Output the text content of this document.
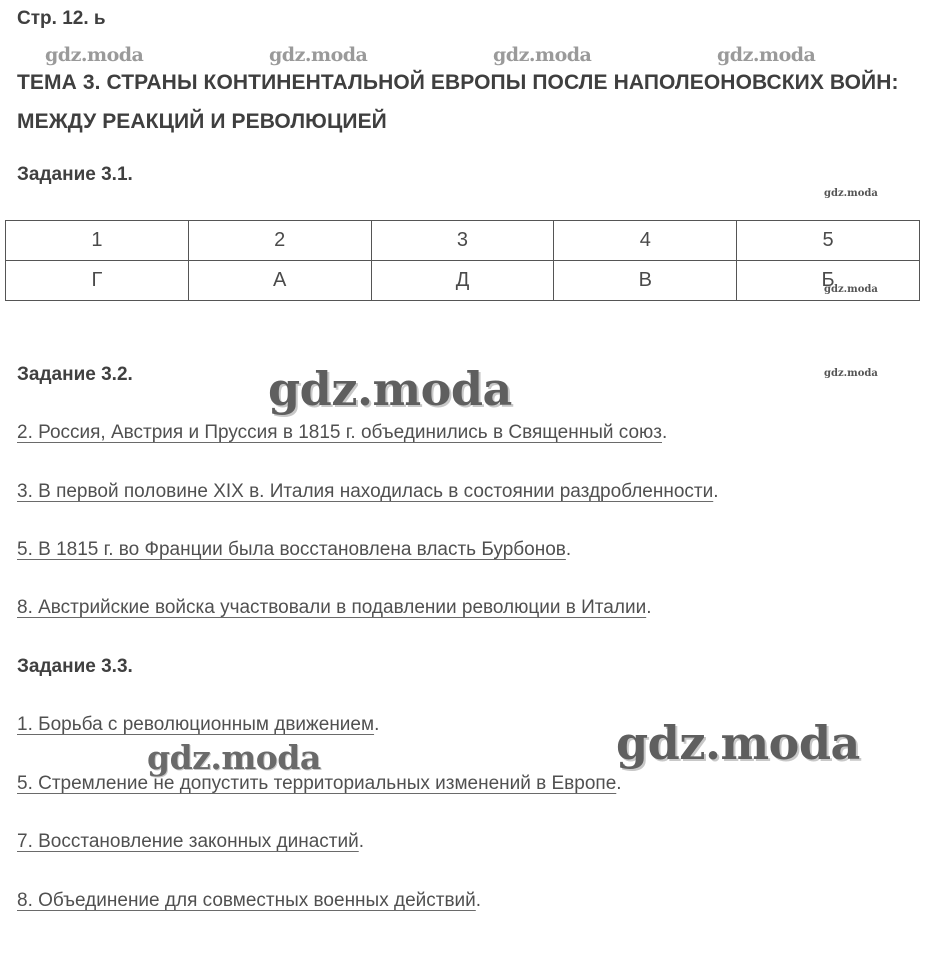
Стр. 12. ь
gdz.moda	gdz.moda	gdz.moda	gdz.moda
ТЕМА 3. СТРАНЫ КОНТИНЕНТАЛЬНОЙ ЕВРОПЫ ПОСЛЕ НАПОЛЕОНОВСКИХ ВОЙН: МЕЖДУ РЕАКЦИЙ И РЕВОЛЮЦИЕЙ
Задание 3.1.
gdz.moda
1	2	3	4	5
Г	А	Д	В	Б
gdz.moda
Задание 3.2.	gdz.moda
gdz.moda
2. Россия, Австрия и Пруссия в 1815 г. объединились в Священный союз.
3. В первой половине XIX в. Италия находилась в состоянии раздробленности.
5. В 1815 г. во Франции была восстановлена власть Бурбонов.
8. Австрийские войска участвовали в подавлении революции в Италии.
Задание 3.3.
1. Борьба с революционным движением.
5. Стремление не допустить территориальных изменений в Европе.
7. Восстановление законных династий.
8. Объединение для совместных военных действий.
gdz.moda	gdz.moda
